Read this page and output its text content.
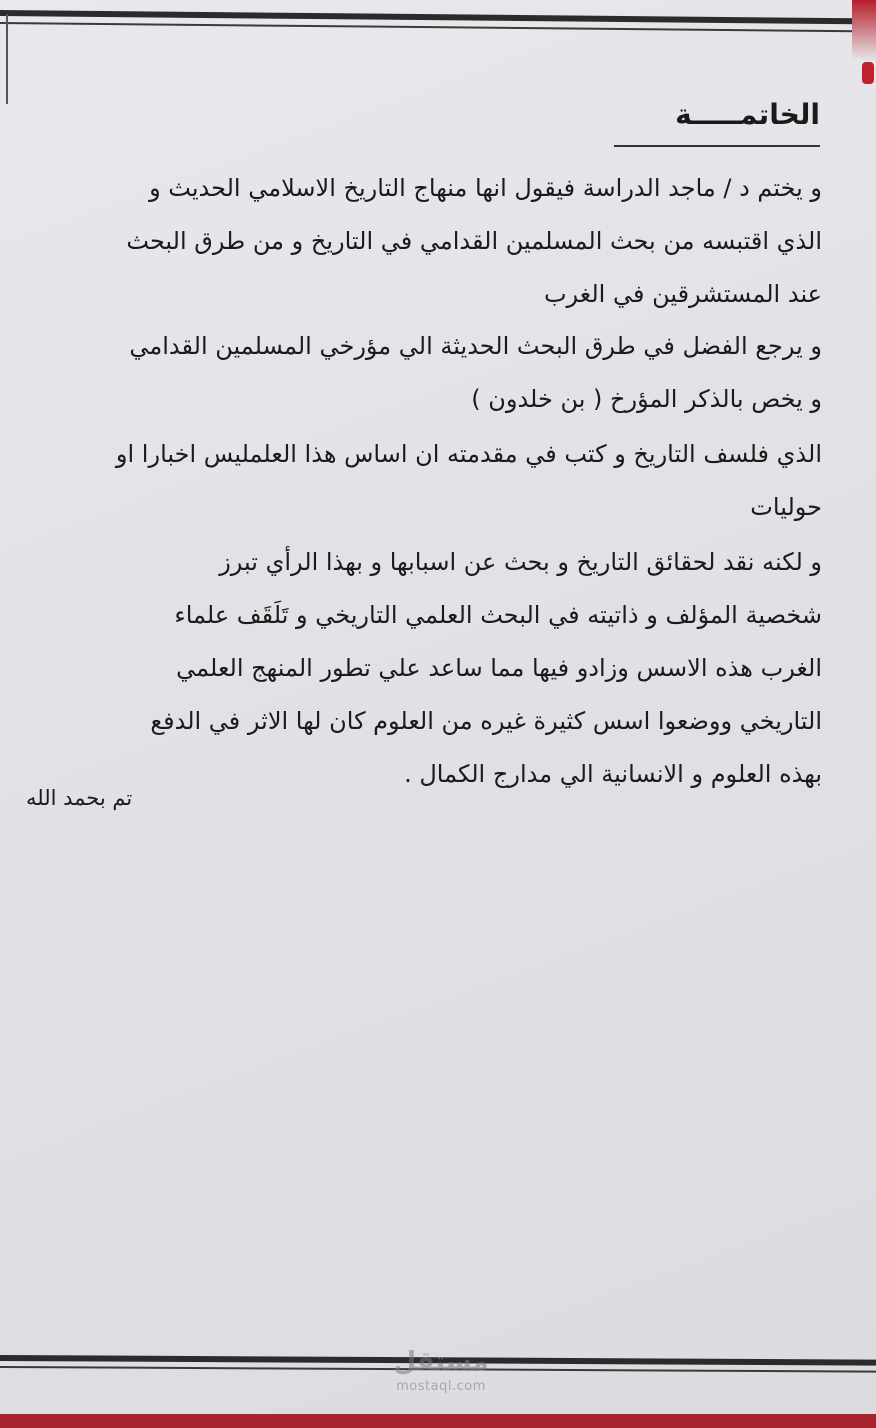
الخاتمـــــة
و يختم د / ماجد الدراسة فيقول انها منهاج التاريخ الاسلامي الحديث و
الذي اقتبسه من بحث المسلمين القدامي في التاريخ و من طرق البحث
عند المستشرقين في الغرب
و يرجع الفضل في طرق البحث الحديثة الي مؤرخي المسلمين القدامي
و يخص بالذكر المؤرخ ( بن خلدون )
الذي فلسف التاريخ و كتب في مقدمته ان اساس هذا العلمليس اخبارا او
حوليات
و لكنه نقد لحقائق التاريخ و بحث عن اسبابها و بهذا الرأي تبرز
شخصية المؤلف و ذاتيته في البحث العلمي التاريخي و تَلَقَف علماء
الغرب هذه الاسس وزادو فيها مما ساعد علي تطور المنهج العلمي
التاريخي ووضعوا اسس كثيرة غيره من العلوم كان لها الاثر في الدفع
بهذه العلوم و الانسانية الي مدارج الكمال .
تم بحمد الله
مستقل
mostaql.com
